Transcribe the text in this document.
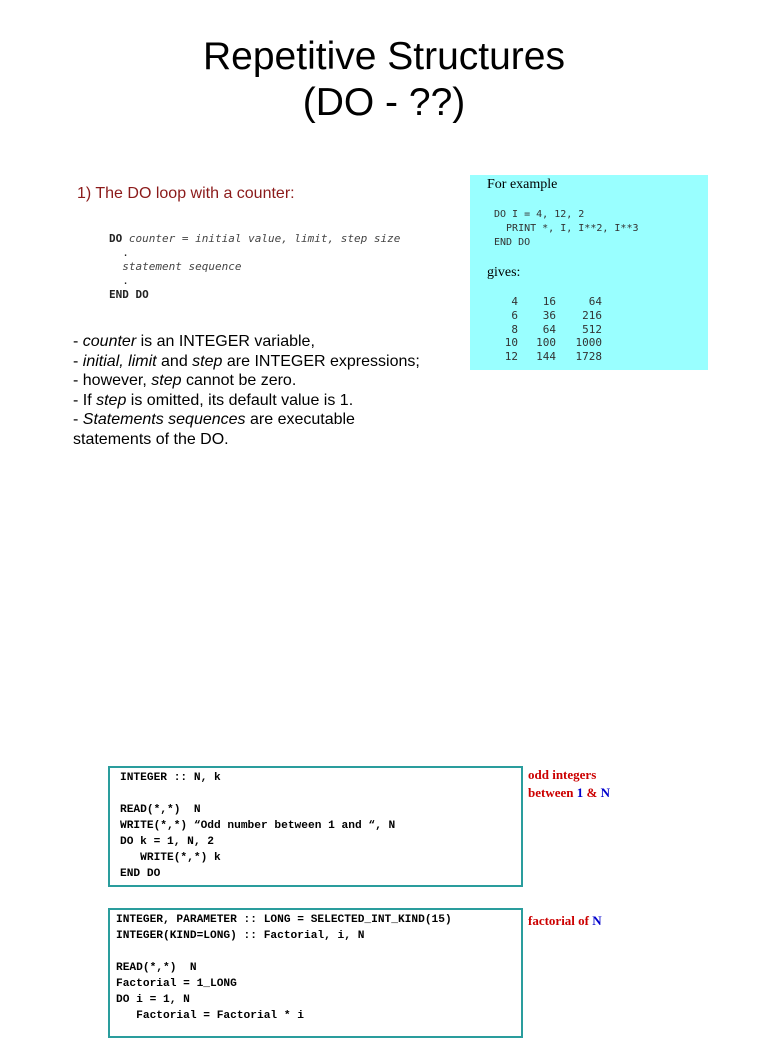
Repetitive Structures
(DO - ??)
1) The DO loop with a counter:
DO counter = initial value, limit, step size
.
statement sequence
.
END DO
- counter is an INTEGER variable,
- initial, limit and step are INTEGER expressions;
- however, step cannot be zero.
- If step is omitted, its default value is 1.
- Statements sequences are executable
statements of the DO.
For example
DO I = 4, 12, 2
PRINT *, I, I**2, I**3
END DO
gives:
4	16	64
6	36	216
8	64	512
10	100	1000
12	144	1728
INTEGER :: N, k
READ(*,*)  N
WRITE(*,*) “Odd number between 1 and “, N
DO k = 1, N, 2
WRITE(*,*) k
END DO
odd integers
between 1 & N
INTEGER, PARAMETER :: LONG = SELECTED_INT_KIND(15)
INTEGER(KIND=LONG) :: Factorial, i, N
READ(*,*)  N
Factorial = 1_LONG
DO i = 1, N
Factorial = Factorial * i
factorial of N
